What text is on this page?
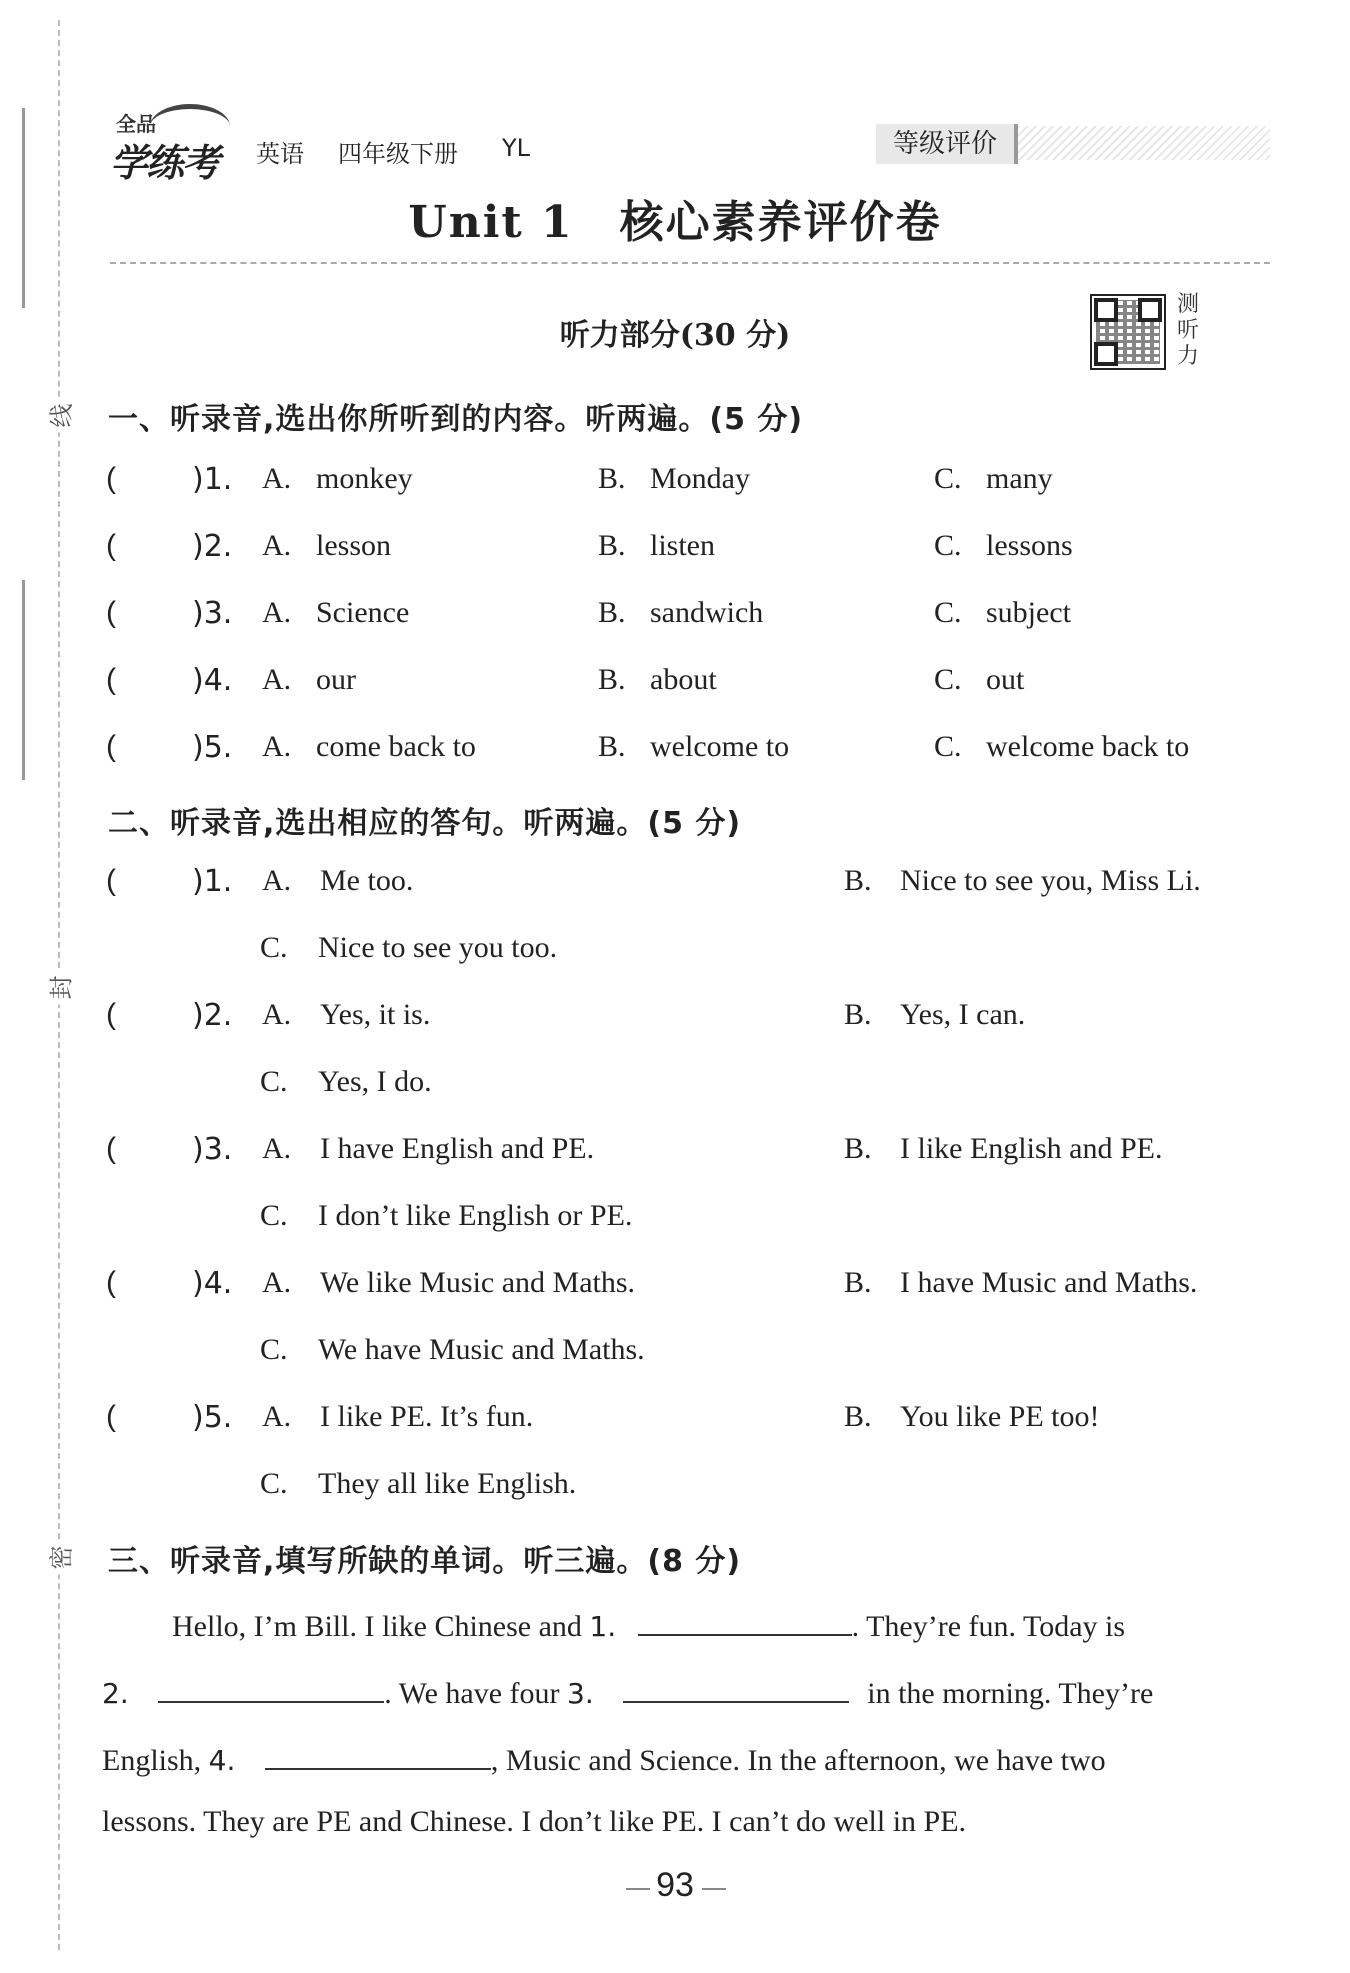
线
封
密
全品
学练考 英语 四年级下册 YL	等级评价
Unit 1　核心素养评价卷
听力部分(30 分)
测
听
力
一、听录音,选出你所听到的内容。听两遍。(5 分)
(	)1. A. monkey	B. Monday	C. many
(	)2. A. lesson	B. listen	C. lessons
(	)3. A. Science	B. sandwich	C. subject
(	)4. A. our	B. about	C. out
(	)5. A. come back to	B. welcome to	C. welcome back to
二、听录音,选出相应的答句。听两遍。(5 分)
(	)1. A. Me too.	B. Nice to see you, Miss Li.
C. Nice to see you too.
(	)2. A. Yes, it is.	B. Yes, I can.
C. Yes, I do.
(	)3. A. I have English and PE.	B. I like English and PE.
C. I don’t like English or PE.
(	)4. A. We like Music and Maths.	B. I have Music and Maths.
C. We have Music and Maths.
(	)5. A. I like PE. It’s fun.	B. You like PE too!
C. They all like English.
三、听录音,填写所缺的单词。听三遍。(8 分)
Hello, I’m Bill. I like Chinese and 1.	. They’re fun. Today is
2.	. We have four 3.	in the morning. They’re
English, 4.	, Music and Science. In the afternoon, we have two
lessons. They are PE and Chinese. I don’t like PE. I can’t do well in PE.
93
